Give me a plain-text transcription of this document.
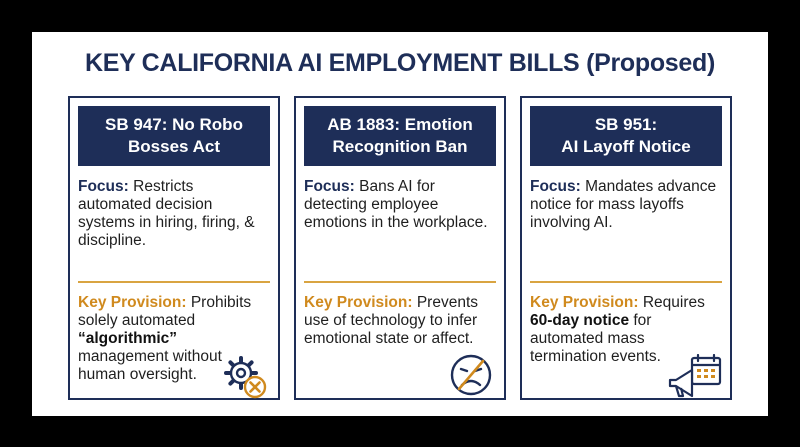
KEY CALIFORNIA AI EMPLOYMENT BILLS (Proposed)
SB 947: No Robo
Bosses Act
Focus: Restricts automated decision systems in hiring, firing, & discipline.
Key Provision: Prohibits solely automated “algorithmic” management without human oversight.
AB 1883: Emotion
Recognition Ban
Focus: Bans AI for detecting employee emotions in the workplace.
Key Provision: Prevents use of technology to infer emotional state or affect.
SB 951:
AI Layoff Notice
Focus: Mandates advance notice for mass layoffs involving AI.
Key Provision: Requires 60-day notice for automated mass termination events.
